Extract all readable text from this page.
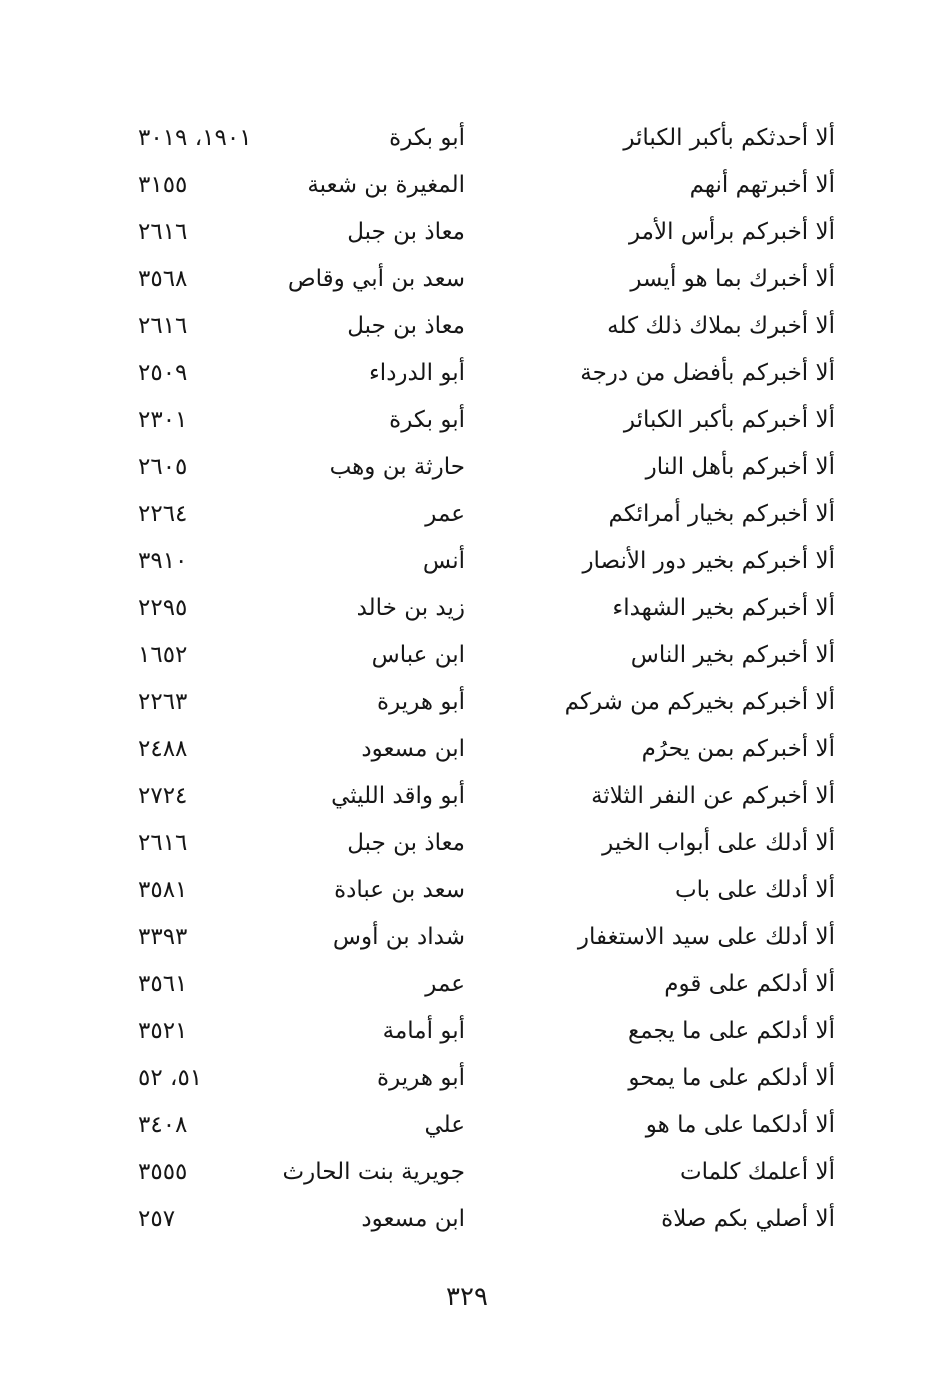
ألا أحدثكم بأكبر الكبائر
أبو بكرة
١٩٠١، ٣٠١٩
ألا أخبرتهم أنهم
المغيرة بن شعبة
٣١٥٥
ألا أخبركم برأس الأمر
معاذ بن جبل
٢٦١٦
ألا أخبرك بما هو أيسر
سعد بن أبي وقاص
٣٥٦٨
ألا أخبرك بملاك ذلك كله
معاذ بن جبل
٢٦١٦
ألا أخبركم بأفضل من درجة
أبو الدرداء
٢٥٠٩
ألا أخبركم بأكبر الكبائر
أبو بكرة
٢٣٠١
ألا أخبركم بأهل النار
حارثة بن وهب
٢٦٠٥
ألا أخبركم بخيار أمرائكم
عمر
٢٢٦٤
ألا أخبركم بخير دور الأنصار
أنس
٣٩١٠
ألا أخبركم بخير الشهداء
زيد بن خالد
٢٢٩٥
ألا أخبركم بخير الناس
ابن عباس
١٦٥٢
ألا أخبركم بخيركم من شركم
أبو هريرة
٢٢٦٣
ألا أخبركم بمن يحرُم
ابن مسعود
٢٤٨٨
ألا أخبركم عن النفر الثلاثة
أبو واقد الليثي
٢٧٢٤
ألا أدلك على أبواب الخير
معاذ بن جبل
٢٦١٦
ألا أدلك على باب
سعد بن عبادة
٣٥٨١
ألا أدلك على سيد الاستغفار
شداد بن أوس
٣٣٩٣
ألا أدلكم على قوم
عمر
٣٥٦١
ألا أدلكم على ما يجمع
أبو أمامة
٣٥٢١
ألا أدلكم على ما يمحو
أبو هريرة
٥١، ٥٢
ألا أدلكما على ما هو
علي
٣٤٠٨
ألا أعلمك كلمات
جويرية بنت الحارث
٣٥٥٥
ألا أصلي بكم صلاة
ابن مسعود
٢٥٧
٣٢٩
